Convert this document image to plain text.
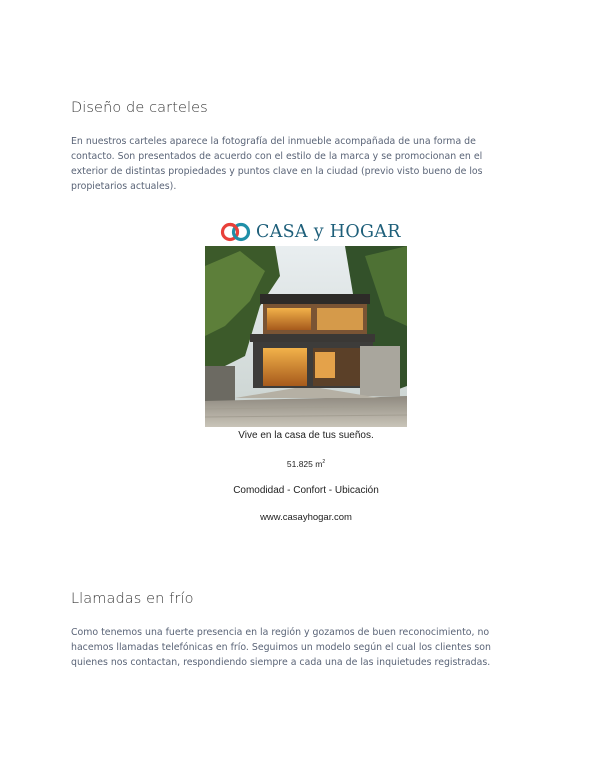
Diseño de carteles

En nuestros carteles aparece la fotografía del inmueble acompañada de una forma de contacto. Son presentados de acuerdo con el estilo de la marca y se promocionan en el exterior de distintas propiedades y puntos clave en la ciudad (previo visto bueno de los propietarios actuales).

CASA y HOGAR
Vive en la casa de tus sueños.
51.825 $m^2$
Comodidad - Confort - Ubicación
www.casayhogar.com
Llamadas en frío

Como tenemos una fuerte presencia en la región y gozamos de buen reconocimiento, no hacemos llamadas telefónicas en frío. Seguimos un modelo según el cual los clientes son quienes nos contactan, respondiendo siempre a cada una de las inquietudes registradas.
